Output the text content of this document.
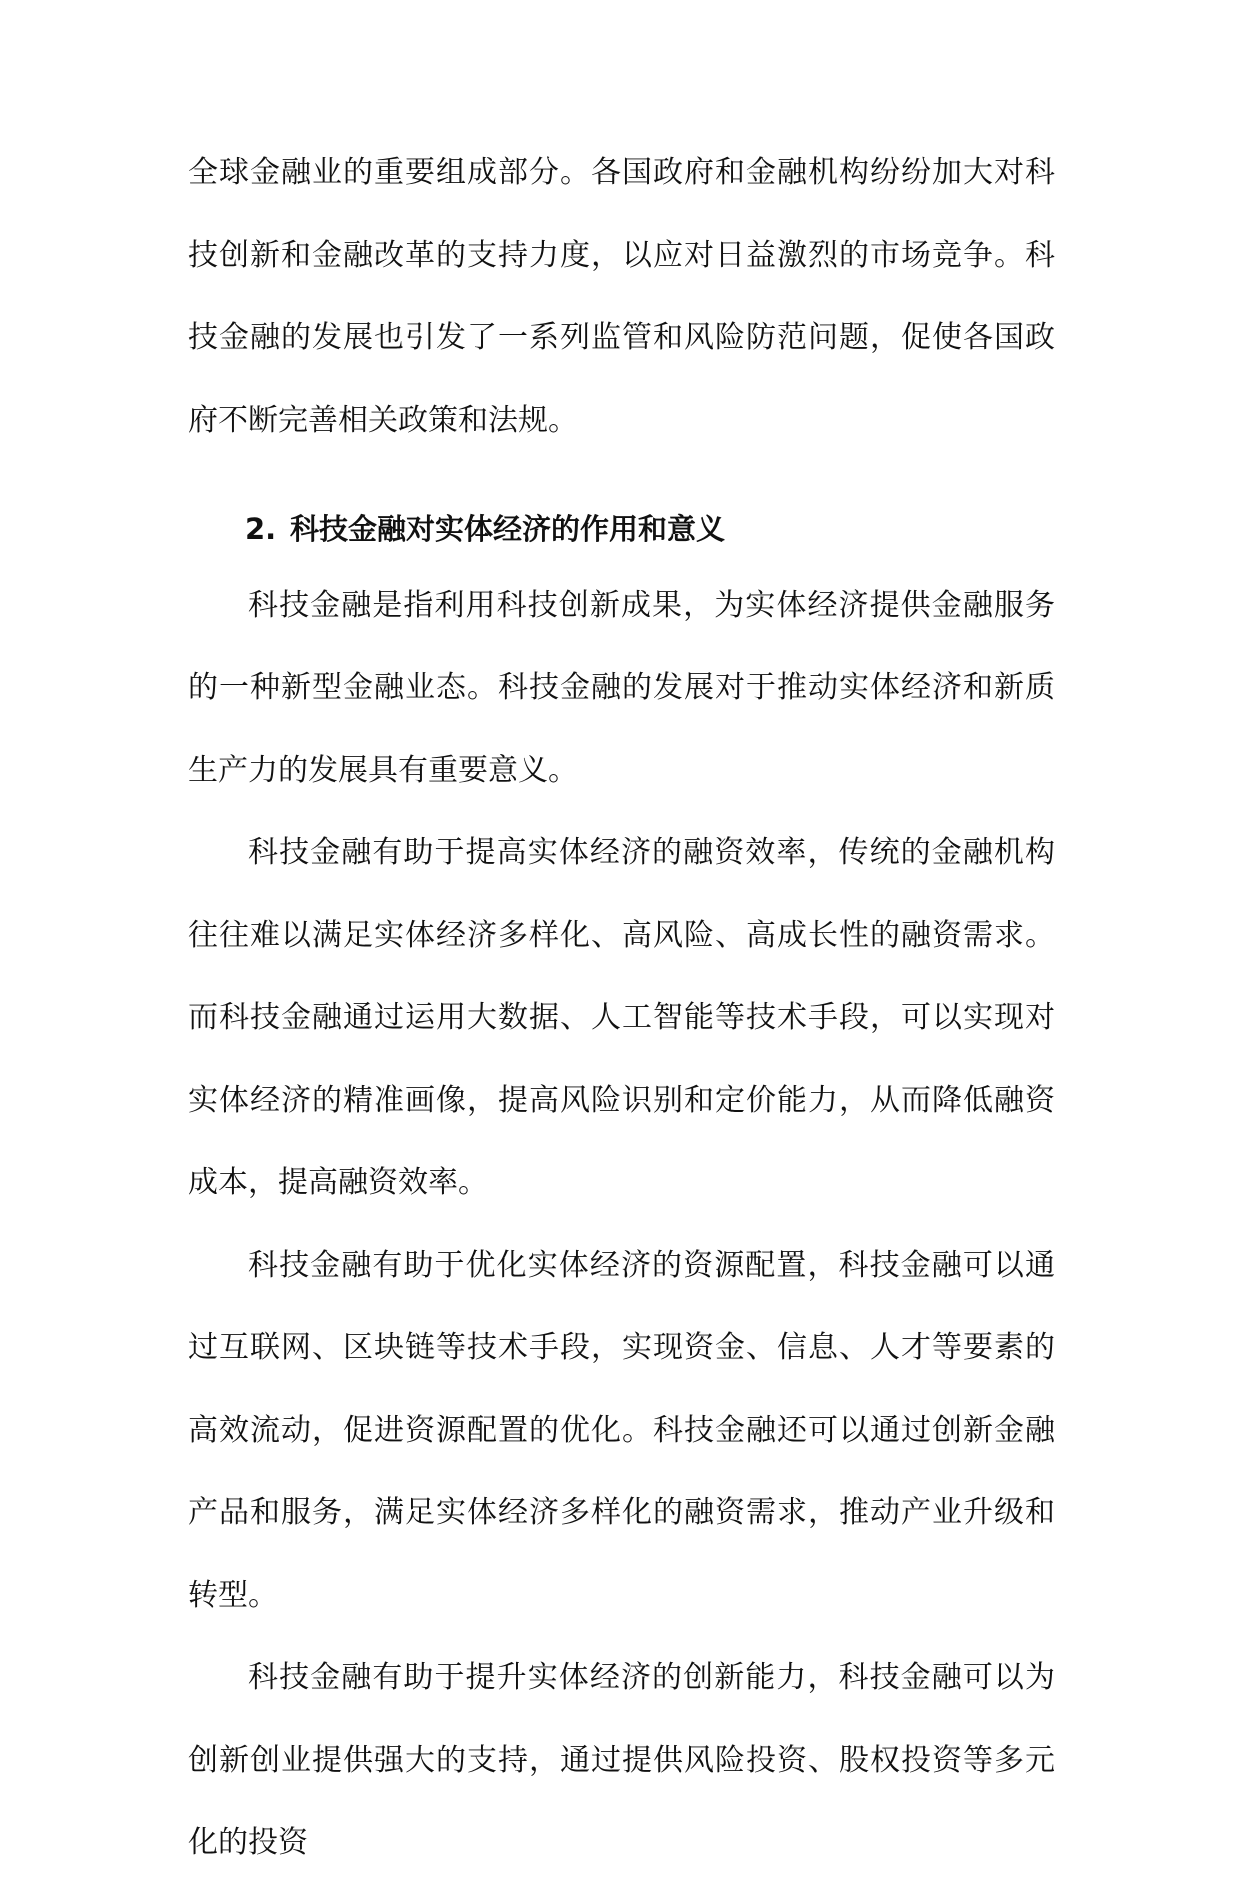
全球金融业的重要组成部分。各国政府和金融机构纷纷加大对科技创新和金融改革的支持力度，以应对日益激烈的市场竞争。科技金融的发展也引发了一系列监管和风险防范问题，促使各国政府不断完善相关政策和法规。

2. 科技金融对实体经济的作用和意义

科技金融是指利用科技创新成果，为实体经济提供金融服务的一种新型金融业态。科技金融的发展对于推动实体经济和新质生产力的发展具有重要意义。

科技金融有助于提高实体经济的融资效率，传统的金融机构往往难以满足实体经济多样化、高风险、高成长性的融资需求。而科技金融通过运用大数据、人工智能等技术手段，可以实现对实体经济的精准画像，提高风险识别和定价能力，从而降低融资成本，提高融资效率。

科技金融有助于优化实体经济的资源配置，科技金融可以通过互联网、区块链等技术手段，实现资金、信息、人才等要素的高效流动，促进资源配置的优化。科技金融还可以通过创新金融产品和服务，满足实体经济多样化的融资需求，推动产业升级和转型。

科技金融有助于提升实体经济的创新能力，科技金融可以为创新创业提供强大的支持，通过提供风险投资、股权投资等多元化的投资
